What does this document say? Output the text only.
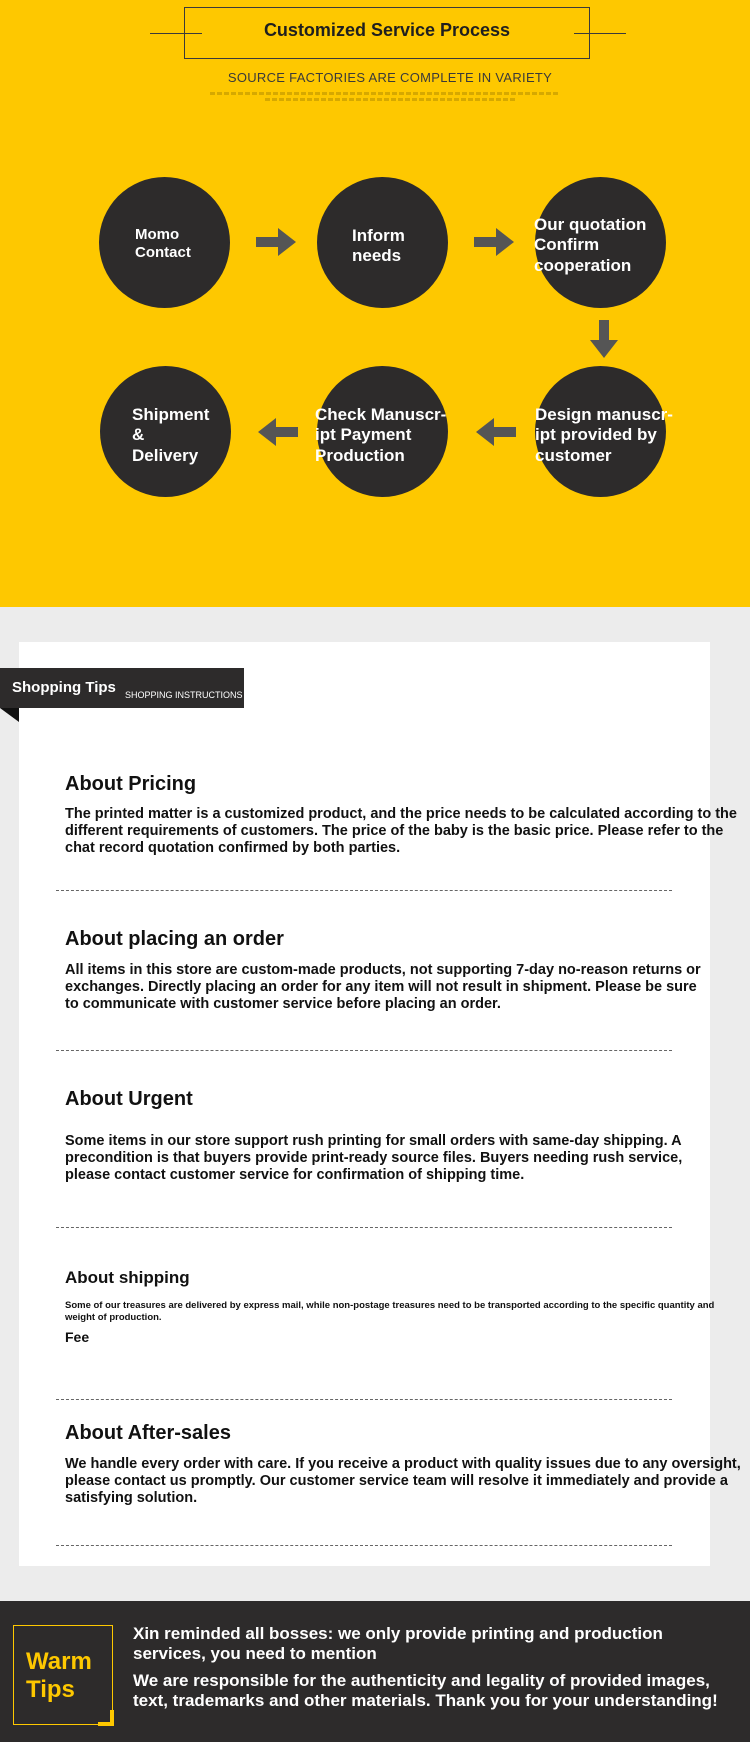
Customized Service Process
SOURCE FACTORIES ARE COMPLETE IN VARIETY
Momo
Contact
Inform
needs
Our quotation
Confirm
cooperation
Shipment
&
Delivery
Check Manuscr-
ipt Payment
Production
Design manuscr-
ipt provided by
customer
Shopping Tips SHOPPING INSTRUCTIONS
About Pricing
The printed matter is a customized product, and the price needs to be calculated according to the different requirements of customers. The price of the baby is the basic price. Please refer to the chat record quotation confirmed by both parties.
About placing an order
All items in this store are custom-made products, not supporting 7-day no-reason returns or exchanges. Directly placing an order for any item will not result in shipment. Please be sure to communicate with customer service before placing an order.
About Urgent
Some items in our store support rush printing for small orders with same-day shipping. A precondition is that buyers provide print-ready source files. Buyers needing rush service, please contact customer service for confirmation of shipping time.
About shipping
Some of our treasures are delivered by express mail, while non-postage treasures need to be transported according to the specific quantity and weight of production.
Fee
About After-sales
We handle every order with care. If you receive a product with quality issues due to any oversight, please contact us promptly. Our customer service team will resolve it immediately and provide a satisfying solution.
Warm
Tips
Xin reminded all bosses: we only provide printing and production services, you need to mention
We are responsible for the authenticity and legality of provided images, text, trademarks and other materials. Thank you for your understanding!
